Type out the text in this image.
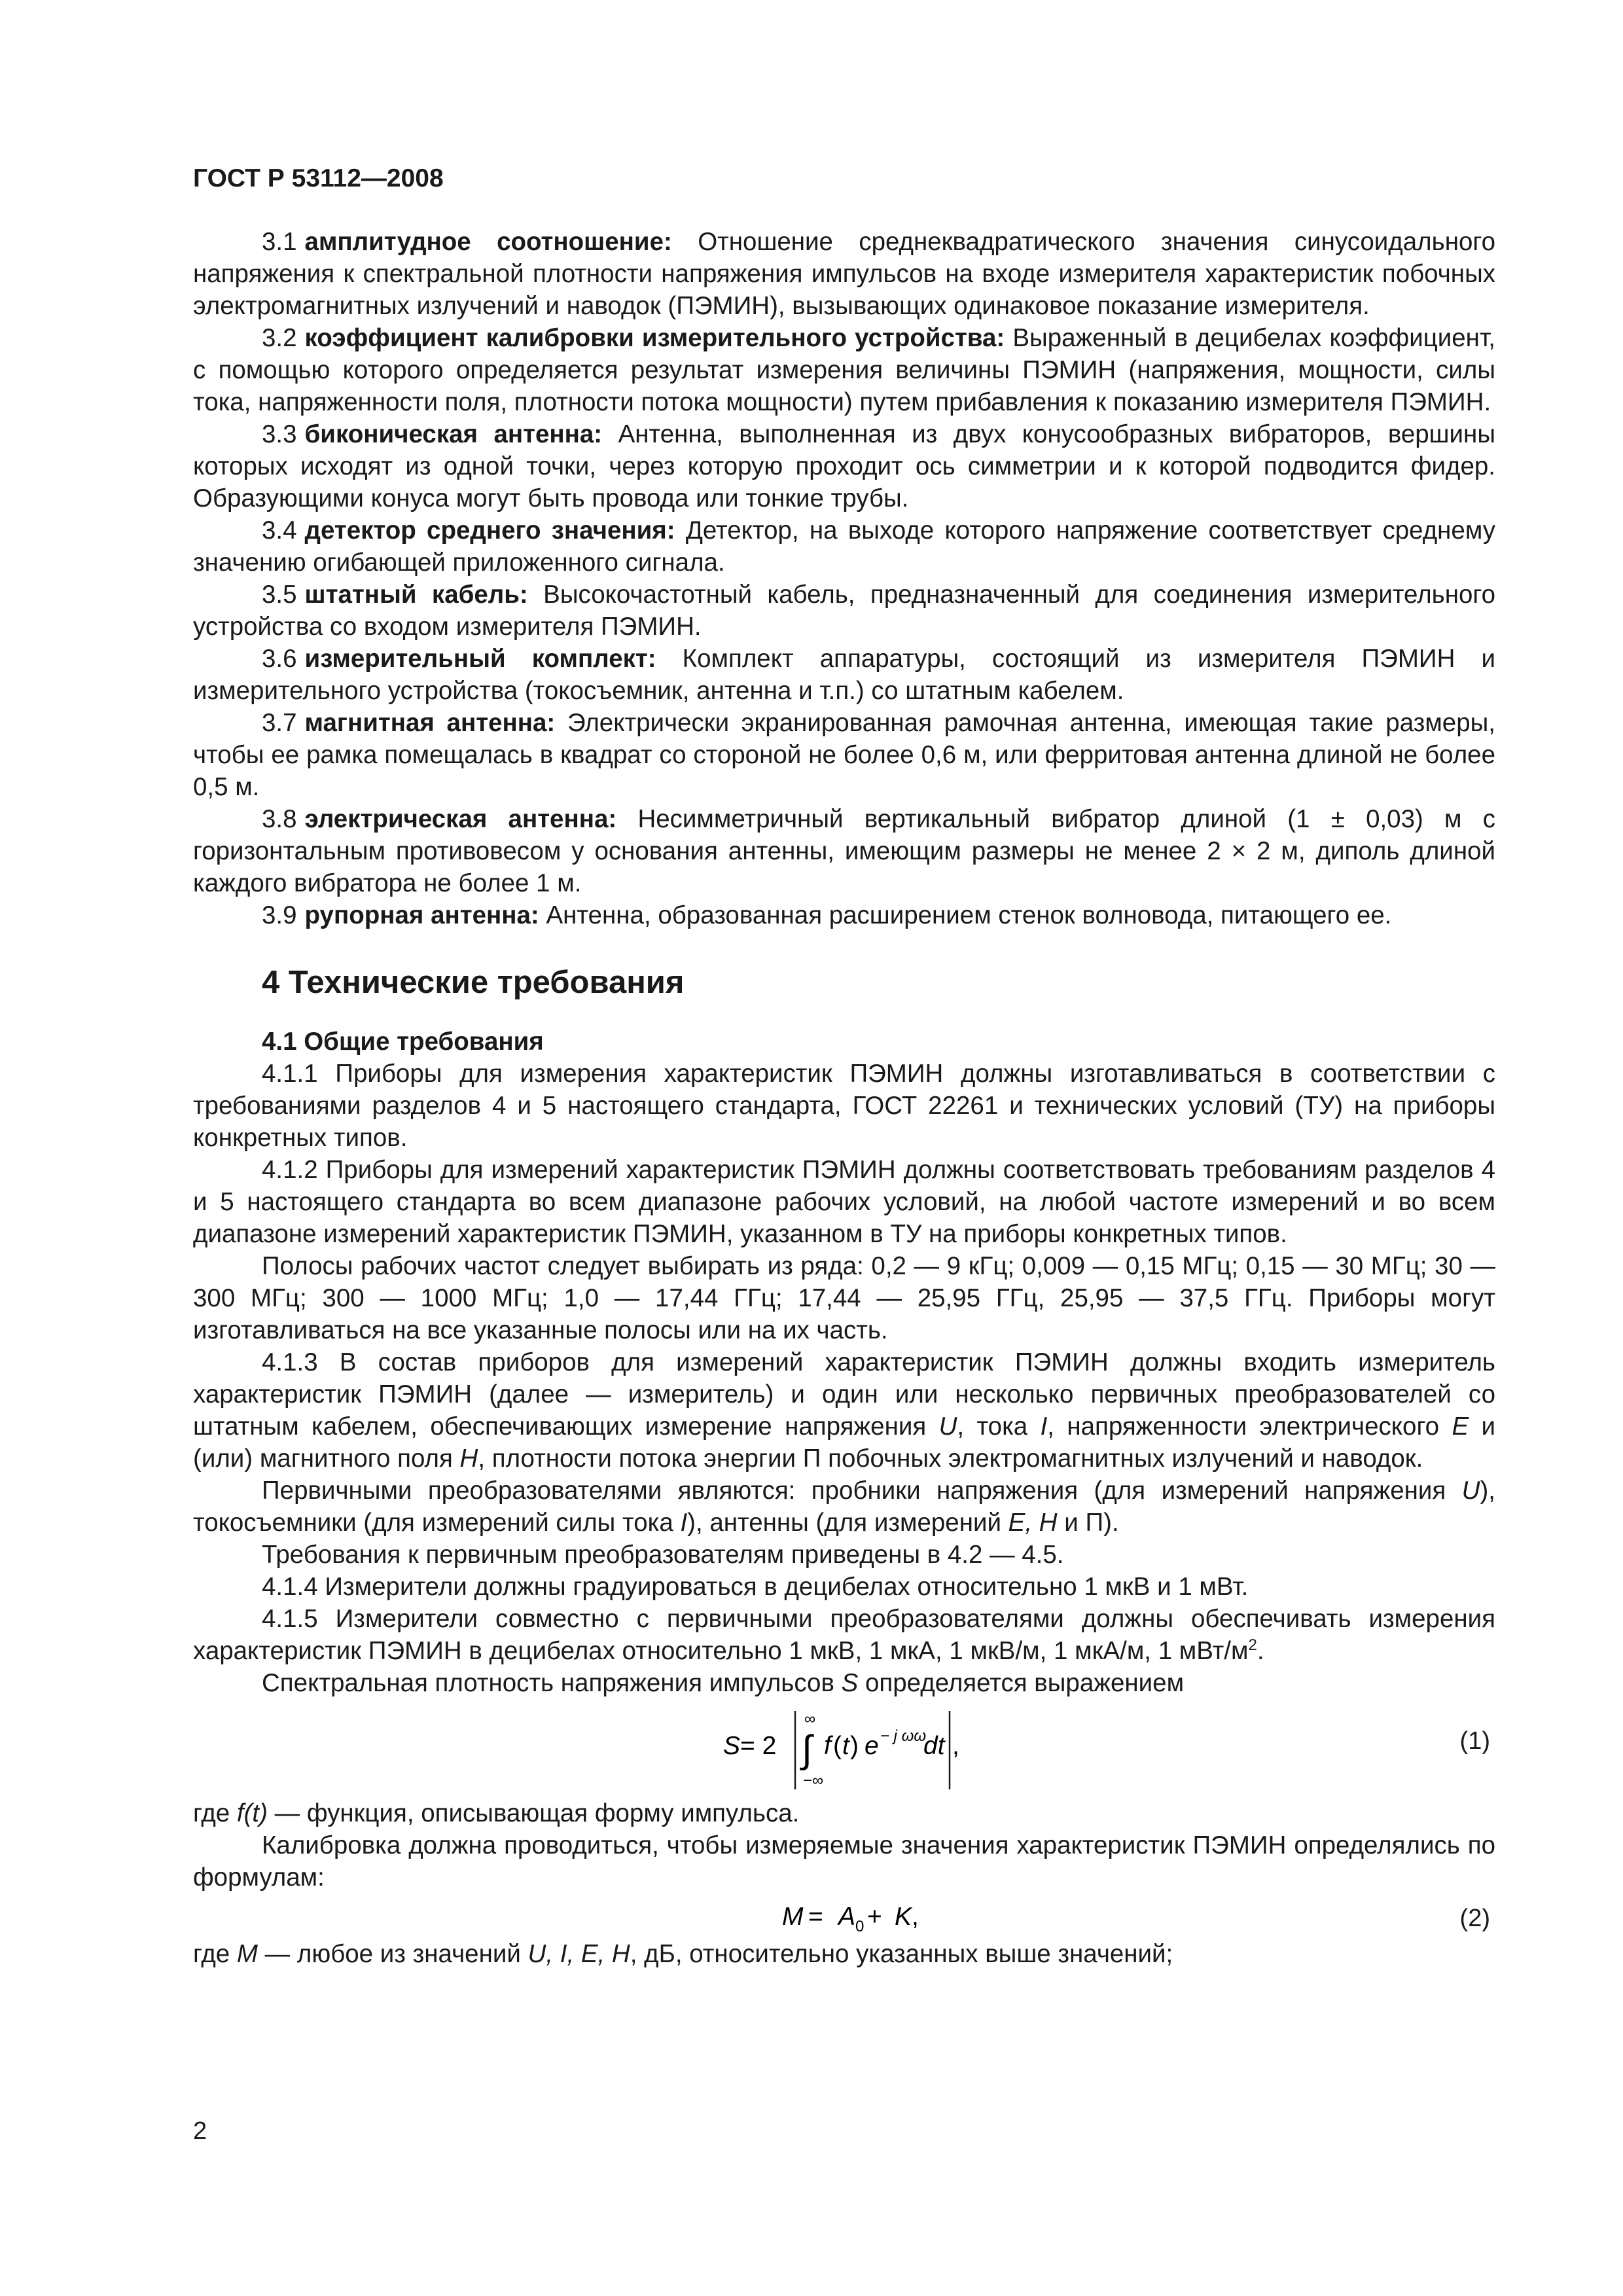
ГОСТ Р 53112—2008

3.1 амплитудное соотношение: Отношение среднеквадратического значения синусоидального напряжения к спектральной плотности напряжения импульсов на входе измерителя характеристик побочных электромагнитных излучений и наводок (ПЭМИН), вызывающих одинаковое показание измерителя.

3.2 коэффициент калибровки измерительного устройства: Выраженный в децибелах коэффициент, с помощью которого определяется результат измерения величины ПЭМИН (напряжения, мощности, силы тока, напряженности поля, плотности потока мощности) путем прибавления к показанию измерителя ПЭМИН.

3.3 биконическая антенна: Антенна, выполненная из двух конусообразных вибраторов, вершины которых исходят из одной точки, через которую проходит ось симметрии и к которой подводится фидер. Образующими конуса могут быть провода или тонкие трубы.

3.4 детектор среднего значения: Детектор, на выходе которого напряжение соответствует среднему значению огибающей приложенного сигнала.

3.5 штатный кабель: Высокочастотный кабель, предназначенный для соединения измерительного устройства со входом измерителя ПЭМИН.

3.6 измерительный комплект: Комплект аппаратуры, состоящий из измерителя ПЭМИН и измерительного устройства (токосъемник, антенна и т.п.) со штатным кабелем.

3.7 магнитная антенна: Электрически экранированная рамочная антенна, имеющая такие размеры, чтобы ее рамка помещалась в квадрат со стороной не более 0,6 м, или ферритовая антенна длиной не более 0,5 м.

3.8 электрическая антенна: Несимметричный вертикальный вибратор длиной (1 ± 0,03) м с горизонтальным противовесом у основания антенны, имеющим размеры не менее 2 × 2 м, диполь длиной каждого вибратора не более 1 м.

3.9 рупорная антенна: Антенна, образованная расширением стенок волновода, питающего ее.

4 Технические требования
4.1 Общие требования

4.1.1 Приборы для измерения характеристик ПЭМИН должны изготавливаться в соответствии с требованиями разделов 4 и 5 настоящего стандарта, ГОСТ 22261 и технических условий (ТУ) на приборы конкретных типов.

4.1.2 Приборы для измерений характеристик ПЭМИН должны соответствовать требованиям разделов 4 и 5 настоящего стандарта во всем диапазоне рабочих условий, на любой частоте измерений и во всем диапазоне измерений характеристик ПЭМИН, указанном в ТУ на приборы конкретных типов.

Полосы рабочих частот следует выбирать из ряда: 0,2 — 9 кГц; 0,009 — 0,15 МГц; 0,15 — 30 МГц; 30 — 300 МГц; 300 — 1000 МГц; 1,0 — 17,44 ГГц; 17,44 — 25,95 ГГц, 25,95 — 37,5 ГГц. Приборы могут изготавливаться на все указанные полосы или на их часть.

4.1.3 В состав приборов для измерений характеристик ПЭМИН должны входить измеритель характеристик ПЭМИН (далее — измеритель) и один или несколько первичных преобразователей со штатным кабелем, обеспечивающих измерение напряжения U, тока I, напряженности электрического E и (или) магнитного поля H, плотности потока энергии П побочных электромагнитных излучений и наводок.

Первичными преобразователями являются: пробники напряжения (для измерений напряжения U), токосъемники (для измерений силы тока I), антенны (для измерений E, H и П).

Требования к первичным преобразователям приведены в 4.2 — 4.5.

4.1.4 Измерители должны градуироваться в децибелах относительно 1 мкВ и 1 мВт.

4.1.5 Измерители совместно с первичными преобразователями должны обеспечивать измерения характеристик ПЭМИН в децибелах относительно 1 мкВ, 1 мкА, 1 мкВ/м, 1 мкА/м, 1 мВт/$м^2$.

Спектральная плотность напряжения импульсов S определяется выражением

S = 2
∞
∫
−∞
f ( t ) e − j ωω
dt ,	(1)

где f(t) — функция, описывающая форму импульса.

Калибровка должна проводиться, чтобы измеряемые значения характеристик ПЭМИН определялись по формулам:

M = A 0 + K ,	(2)

где M — любое из значений U, I, E, H, дБ, относительно указанных выше значений;

2
